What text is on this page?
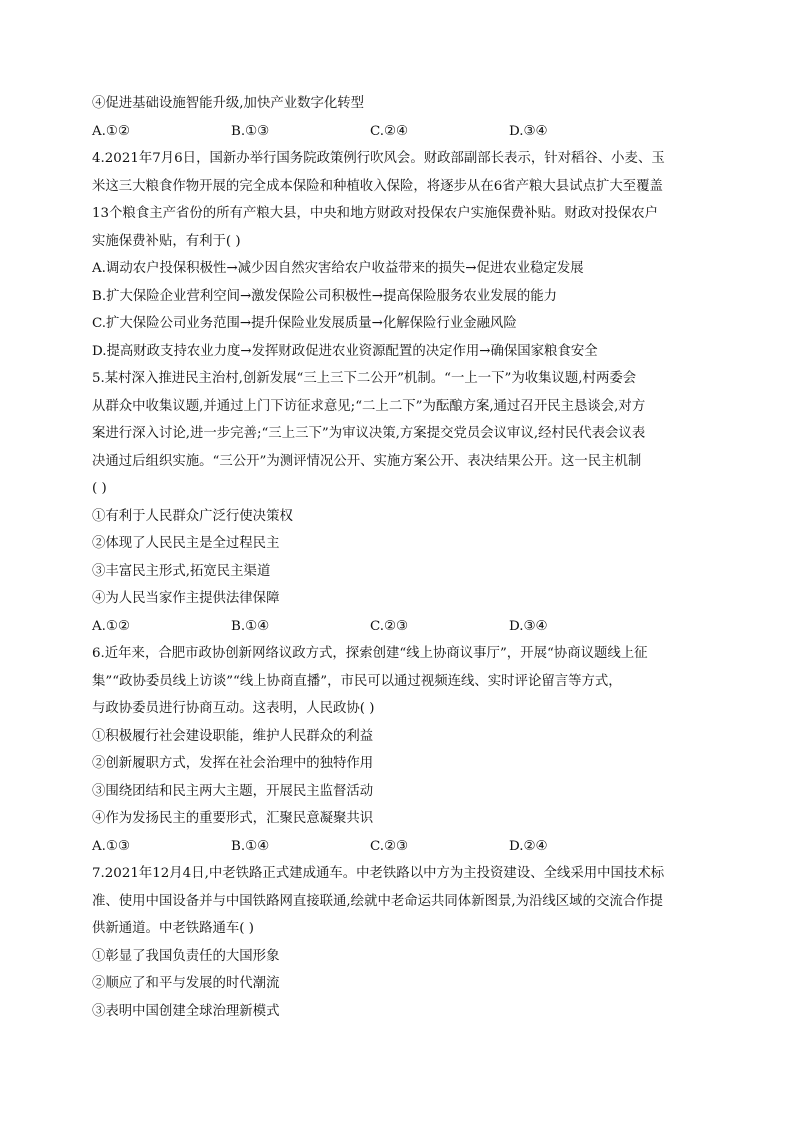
④促进基础设施智能升级,加快产业数字化转型
A.①②	B.①③	C.②④	D.③④
4.2021年7月6日，国新办举行国务院政策例行吹风会。财政部副部长表示，针对稻谷、小麦、玉
米这三大粮食作物开展的完全成本保险和种植收入保险，将逐步从在6省产粮大县试点扩大至覆盖
13个粮食主产省份的所有产粮大县，中央和地方财政对投保农户实施保费补贴。财政对投保农户
实施保费补贴，有利于( )
A.调动农户投保积极性→减少因自然灾害给农户收益带来的损失→促进农业稳定发展
B.扩大保险企业营利空间→激发保险公司积极性→提高保险服务农业发展的能力
C.扩大保险公司业务范围→提升保险业发展质量→化解保险行业金融风险
D.提高财政支持农业力度→发挥财政促进农业资源配置的决定作用→确保国家粮食安全
5.某村深入推进民主治村,创新发展“三上三下二公开”机制。“一上一下”为收集议题,村两委会
从群众中收集议题,并通过上门下访征求意见;“二上二下”为酝酿方案,通过召开民主恳谈会,对方
案进行深入讨论,进一步完善;“三上三下”为审议决策,方案提交党员会议审议,经村民代表会议表
决通过后组织实施。“三公开”为测评情况公开、实施方案公开、表决结果公开。这一民主机制
( )
①有利于人民群众广泛行使决策权
②体现了人民民主是全过程民主
③丰富民主形式,拓宽民主渠道
④为人民当家作主提供法律保障
A.①②	B.①④	C.②③	D.③④
6.近年来，合肥市政协创新网络议政方式，探索创建“线上协商议事厅”，开展“协商议题线上征
集”“政协委员线上访谈”“线上协商直播”，市民可以通过视频连线、实时评论留言等方式，
与政协委员进行协商互动。这表明，人民政协( )
①积极履行社会建设职能，维护人民群众的利益
②创新履职方式，发挥在社会治理中的独特作用
③围绕团结和民主两大主题，开展民主监督活动
④作为发扬民主的重要形式，汇聚民意凝聚共识
A.①③	B.①④	C.②③	D.②④
7.2021年12月4日,中老铁路正式建成通车。中老铁路以中方为主投资建设、全线采用中国技术标
准、使用中国设备并与中国铁路网直接联通,绘就中老命运共同体新图景,为沿线区域的交流合作提
供新通道。中老铁路通车( )
①彰显了我国负责任的大国形象
②顺应了和平与发展的时代潮流
③表明中国创建全球治理新模式
